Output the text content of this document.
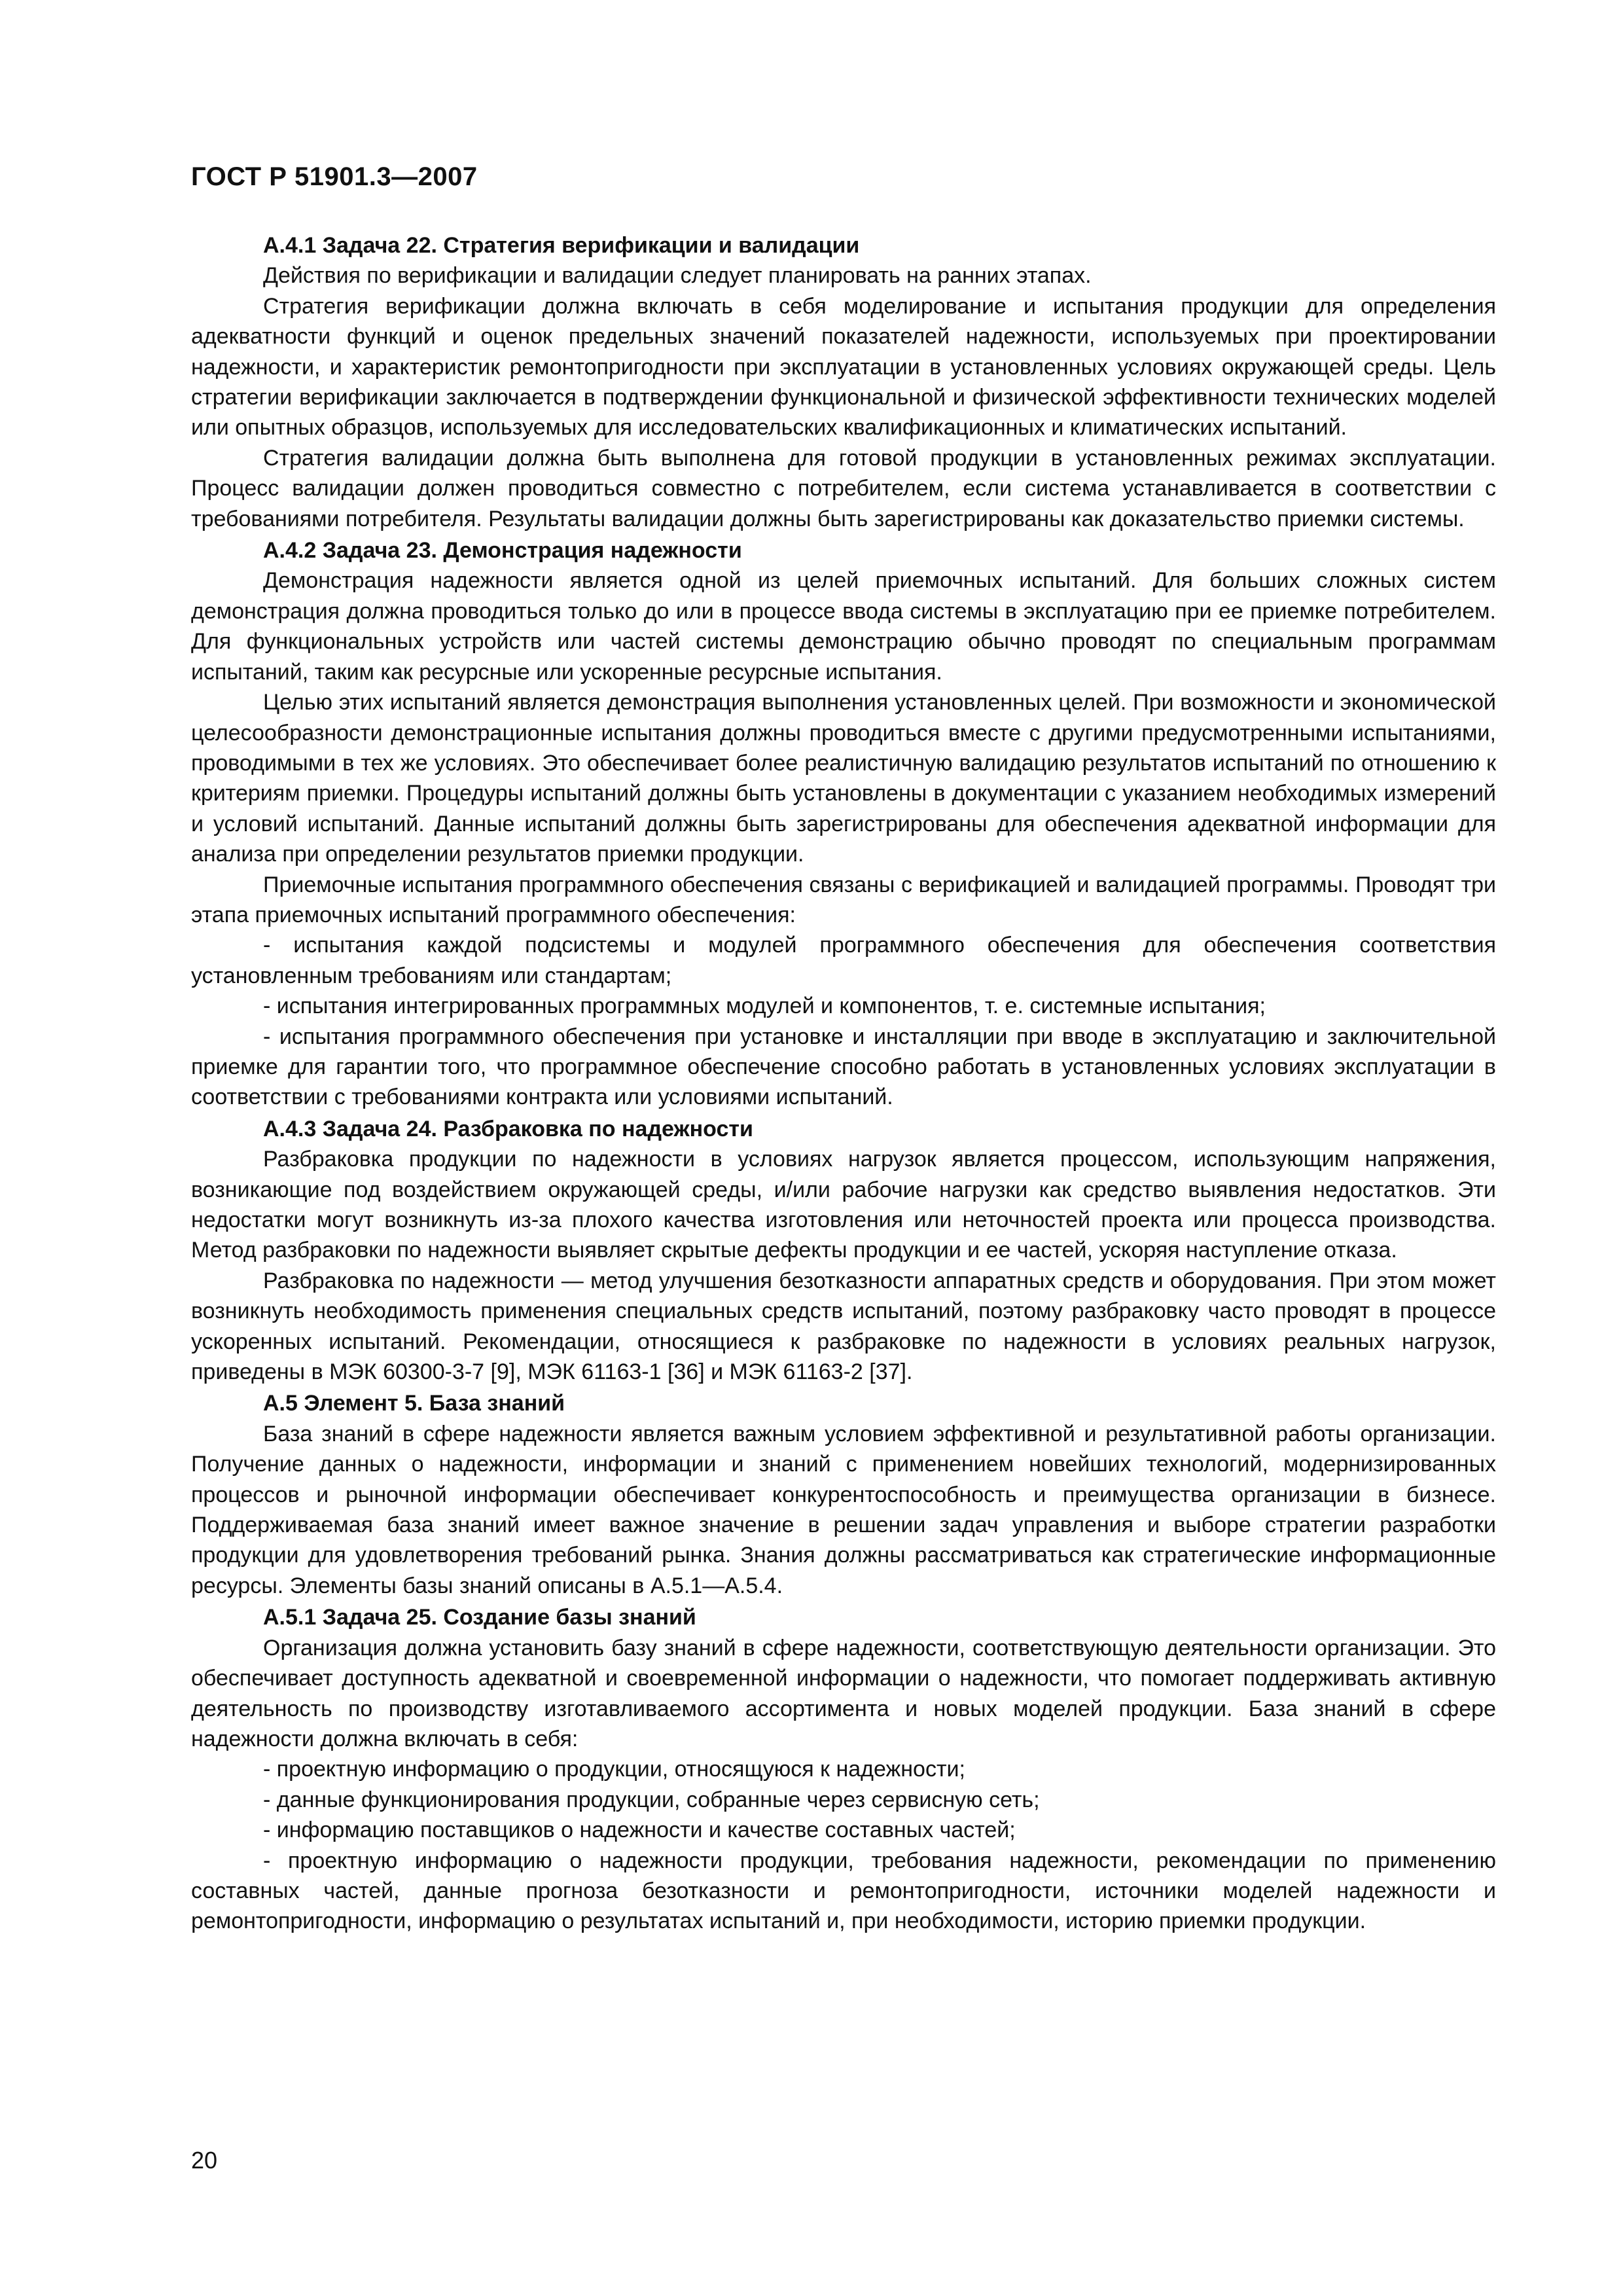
ГОСТ Р 51901.3—2007

А.4.1 Задача 22. Стратегия верификации и валидации

Действия по верификации и валидации следует планировать на ранних этапах.

Стратегия верификации должна включать в себя моделирование и испытания продукции для определения адекватности функций и оценок предельных значений показателей надежности, используемых при проектировании надежности, и характеристик ремонтопригодности при эксплуатации в установленных условиях окружающей среды. Цель стратегии верификации заключается в подтверждении функциональной и физической эффективности технических моделей или опытных образцов, используемых для исследовательских квалификационных и климатических испытаний.

Стратегия валидации должна быть выполнена для готовой продукции в установленных режимах эксплуатации. Процесс валидации должен проводиться совместно с потребителем, если система устанавливается в соответствии с требованиями потребителя. Результаты валидации должны быть зарегистрированы как доказательство приемки системы.

А.4.2 Задача 23. Демонстрация надежности

Демонстрация надежности является одной из целей приемочных испытаний. Для больших сложных систем демонстрация должна проводиться только до или в процессе ввода системы в эксплуатацию при ее приемке потребителем. Для функциональных устройств или частей системы демонстрацию обычно проводят по специальным программам испытаний, таким как ресурсные или ускоренные ресурсные испытания.

Целью этих испытаний является демонстрация выполнения установленных целей. При возможности и экономической целесообразности демонстрационные испытания должны проводиться вместе с другими предусмотренными испытаниями, проводимыми в тех же условиях. Это обеспечивает более реалистичную валидацию результатов испытаний по отношению к критериям приемки. Процедуры испытаний должны быть установлены в документации с указанием необходимых измерений и условий испытаний. Данные испытаний должны быть зарегистрированы для обеспечения адекватной информации для анализа при определении результатов приемки продукции.

Приемочные испытания программного обеспечения связаны с верификацией и валидацией программы. Проводят три этапа приемочных испытаний программного обеспечения:

- испытания каждой подсистемы и модулей программного обеспечения для обеспечения соответствия установленным требованиям или стандартам;

- испытания интегрированных программных модулей и компонентов, т. е. системные испытания;

- испытания программного обеспечения при установке и инсталляции при вводе в эксплуатацию и заключительной приемке для гарантии того, что программное обеспечение способно работать в установленных условиях эксплуатации в соответствии с требованиями контракта или условиями испытаний.

А.4.3 Задача 24. Разбраковка по надежности

Разбраковка продукции по надежности в условиях нагрузок является процессом, использующим напряжения, возникающие под воздействием окружающей среды, и/или рабочие нагрузки как средство выявления недостатков. Эти недостатки могут возникнуть из-за плохого качества изготовления или неточностей проекта или процесса производства. Метод разбраковки по надежности выявляет скрытые дефекты продукции и ее частей, ускоряя наступление отказа.

Разбраковка по надежности — метод улучшения безотказности аппаратных средств и оборудования. При этом может возникнуть необходимость применения специальных средств испытаний, поэтому разбраковку часто проводят в процессе ускоренных испытаний. Рекомендации, относящиеся к разбраковке по надежности в условиях реальных нагрузок, приведены в МЭК 60300-3-7 [9], МЭК 61163-1 [36] и МЭК 61163-2 [37].

А.5 Элемент 5. База знаний

База знаний в сфере надежности является важным условием эффективной и результативной работы организации. Получение данных о надежности, информации и знаний с применением новейших технологий, модернизированных процессов и рыночной информации обеспечивает конкурентоспособность и преимущества организации в бизнесе. Поддерживаемая база знаний имеет важное значение в решении задач управления и выборе стратегии разработки продукции для удовлетворения требований рынка. Знания должны рассматриваться как стратегические информационные ресурсы. Элементы базы знаний описаны в А.5.1—А.5.4.

А.5.1 Задача 25. Создание базы знаний

Организация должна установить базу знаний в сфере надежности, соответствующую деятельности организации. Это обеспечивает доступность адекватной и своевременной информации о надежности, что помогает поддерживать активную деятельность по производству изготавливаемого ассортимента и новых моделей продукции. База знаний в сфере надежности должна включать в себя:

- проектную информацию о продукции, относящуюся к надежности;

- данные функционирования продукции, собранные через сервисную сеть;

- информацию поставщиков о надежности и качестве составных частей;

- проектную информацию о надежности продукции, требования надежности, рекомендации по применению составных частей, данные прогноза безотказности и ремонтопригодности, источники моделей надежности и ремонтопригодности, информацию о результатах испытаний и, при необходимости, историю приемки продукции.

20
